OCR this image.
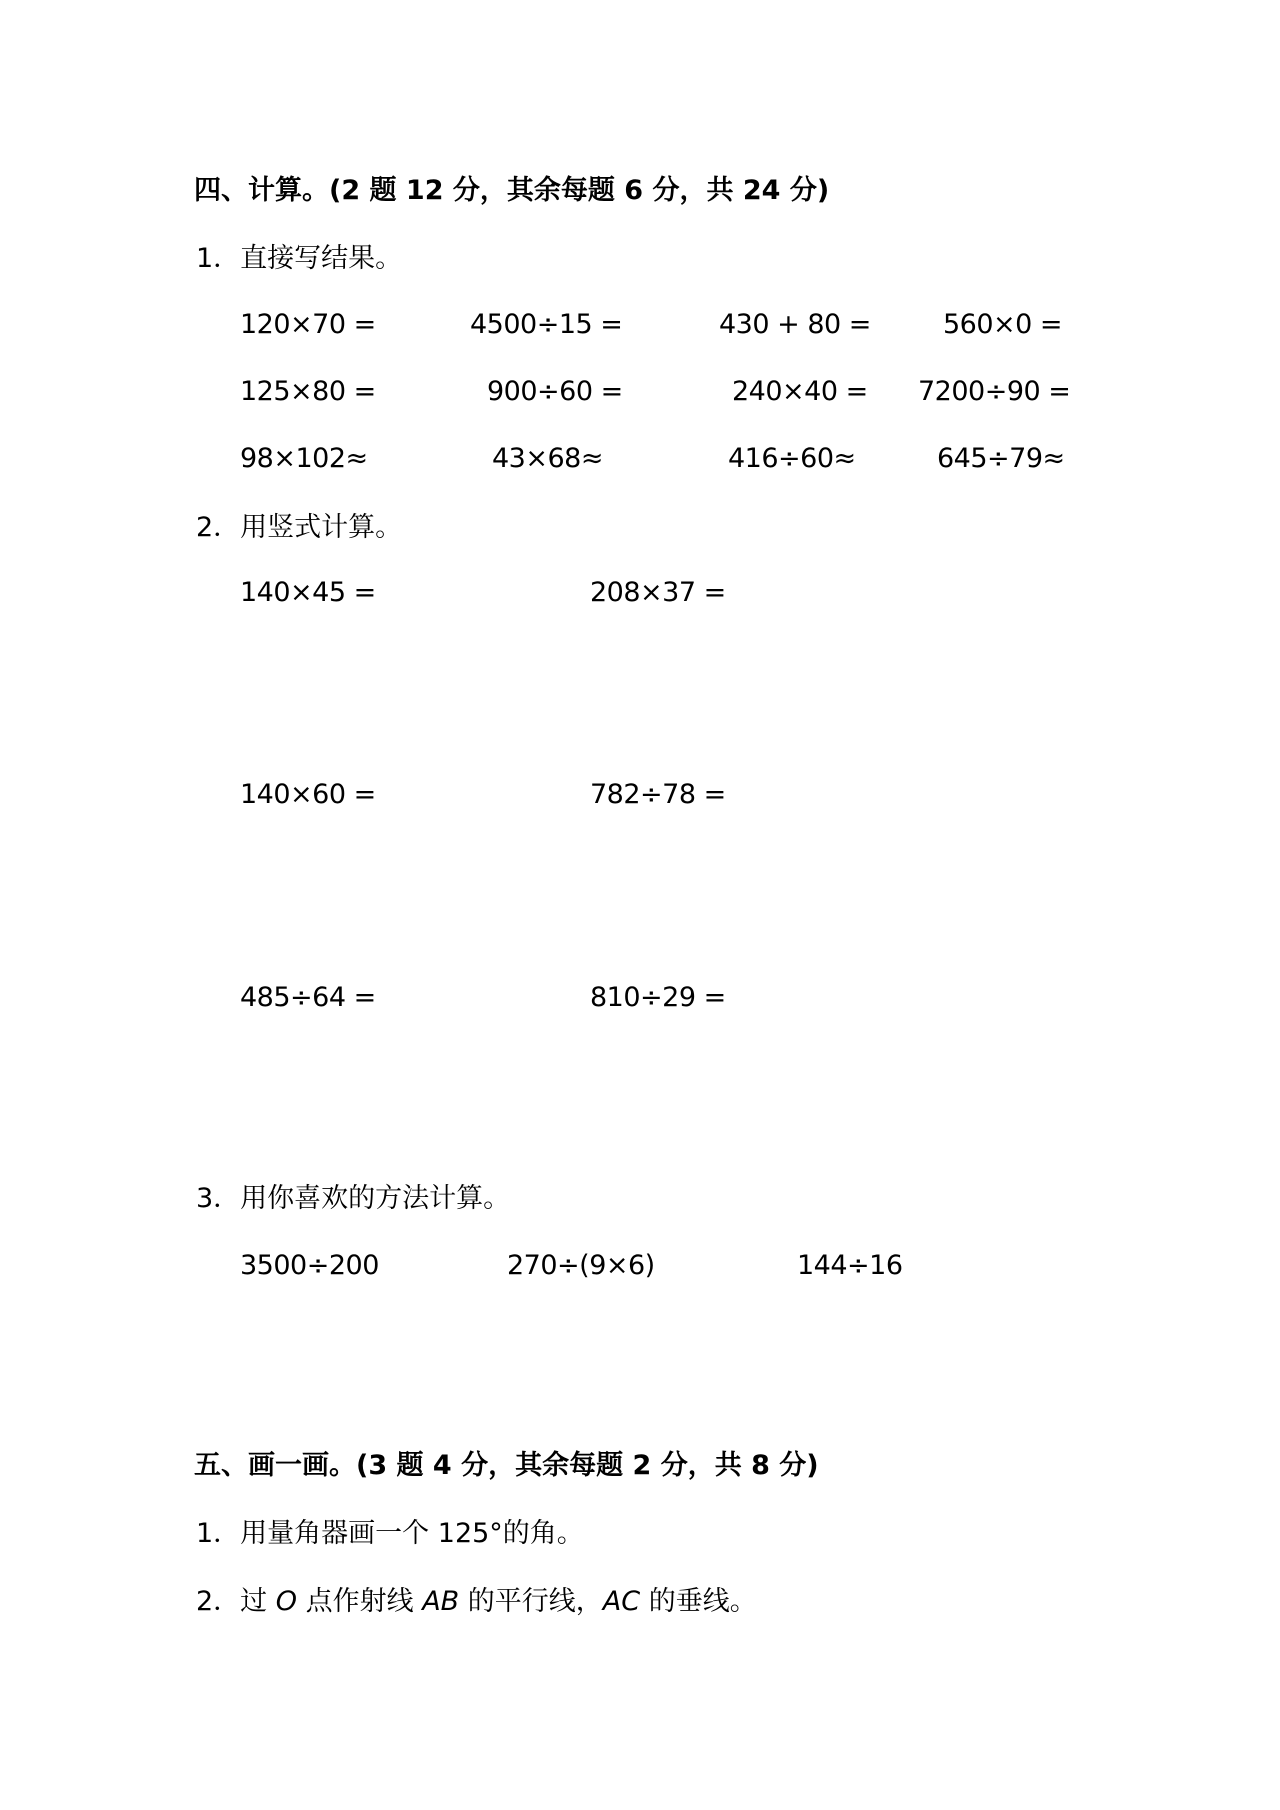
四、计算。(2 题 12 分，其余每题 6 分，共 24 分)
1．直接写结果。
120×70 =	4500÷15 =	430 + 80 =	560×0 =
125×80 =	900÷60 =	240×40 = 7200÷90 =
98×102≈	43×68≈	416÷60≈	645÷79≈
2．用竖式计算。
140×45 =	208×37 =
140×60 =	782÷78 =
485÷64 =	810÷29 =
3．用你喜欢的方法计算。
3500÷200	270÷(9×6)	144÷16
五、画一画。(3 题 4 分，其余每题 2 分，共 8 分)
1．用量角器画一个 125°的角。
2．过 O 点作射线 AB 的平行线，AC 的垂线。
